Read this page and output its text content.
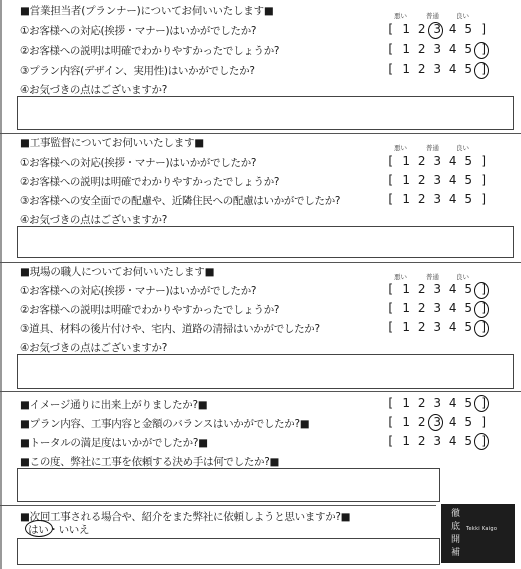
■営業担当者(プランナー)についてお伺いいたします■	悪い	普通	良い
①お客様への対応(挨拶・マナー)はいかがでしたか?	[ 1 2 3 4 5 ]
②お客様への説明は明確でわかりやすかったでしょうか?	[ 1 2 3 4 5 ]
③プラン内容(デザイン、実用性)はいかがでしたか?	[ 1 2 3 4 5 ]
④お気づきの点はございますか?
■工事監督についてお伺いいたします■	悪い	普通	良い
①お客様への対応(挨拶・マナー)はいかがでしたか?	[ 1 2 3 4 5 ]
②お客様への説明は明確でわかりやすかったでしょうか?	[ 1 2 3 4 5 ]
③お客様への安全面での配慮や、近隣住民への配慮はいかがでしたか?	[ 1 2 3 4 5 ]
④お気づきの点はございますか?
■現場の職人についてお伺いいたします■	悪い	普通	良い
①お客様への対応(挨拶・マナー)はいかがでしたか?	[ 1 2 3 4 5 ]
②お客様への説明は明確でわかりやすかったでしょうか?	[ 1 2 3 4 5 ]
③道具、材料の後片付けや、宅内、道路の清掃はいかがでしたか?	[ 1 2 3 4 5 ]
④お気づきの点はございますか?
■イメージ通りに出来上がりましたか?■	[ 1 2 3 4 5 ]
■プラン内容、工事内容と金額のバランスはいかがでしたか?■	[ 1 2 3 4 5 ]
■トータルの満足度はいかがでしたか?■	[ 1 2 3 4 5 ]
■この度、弊社に工事を依頼する決め手は何でしたか?■
■次回工事される場合や、紹介をまた弊社に依頼しようと思いますか?■
はい・いいえ
徹底開補
Tekki Kaigo
